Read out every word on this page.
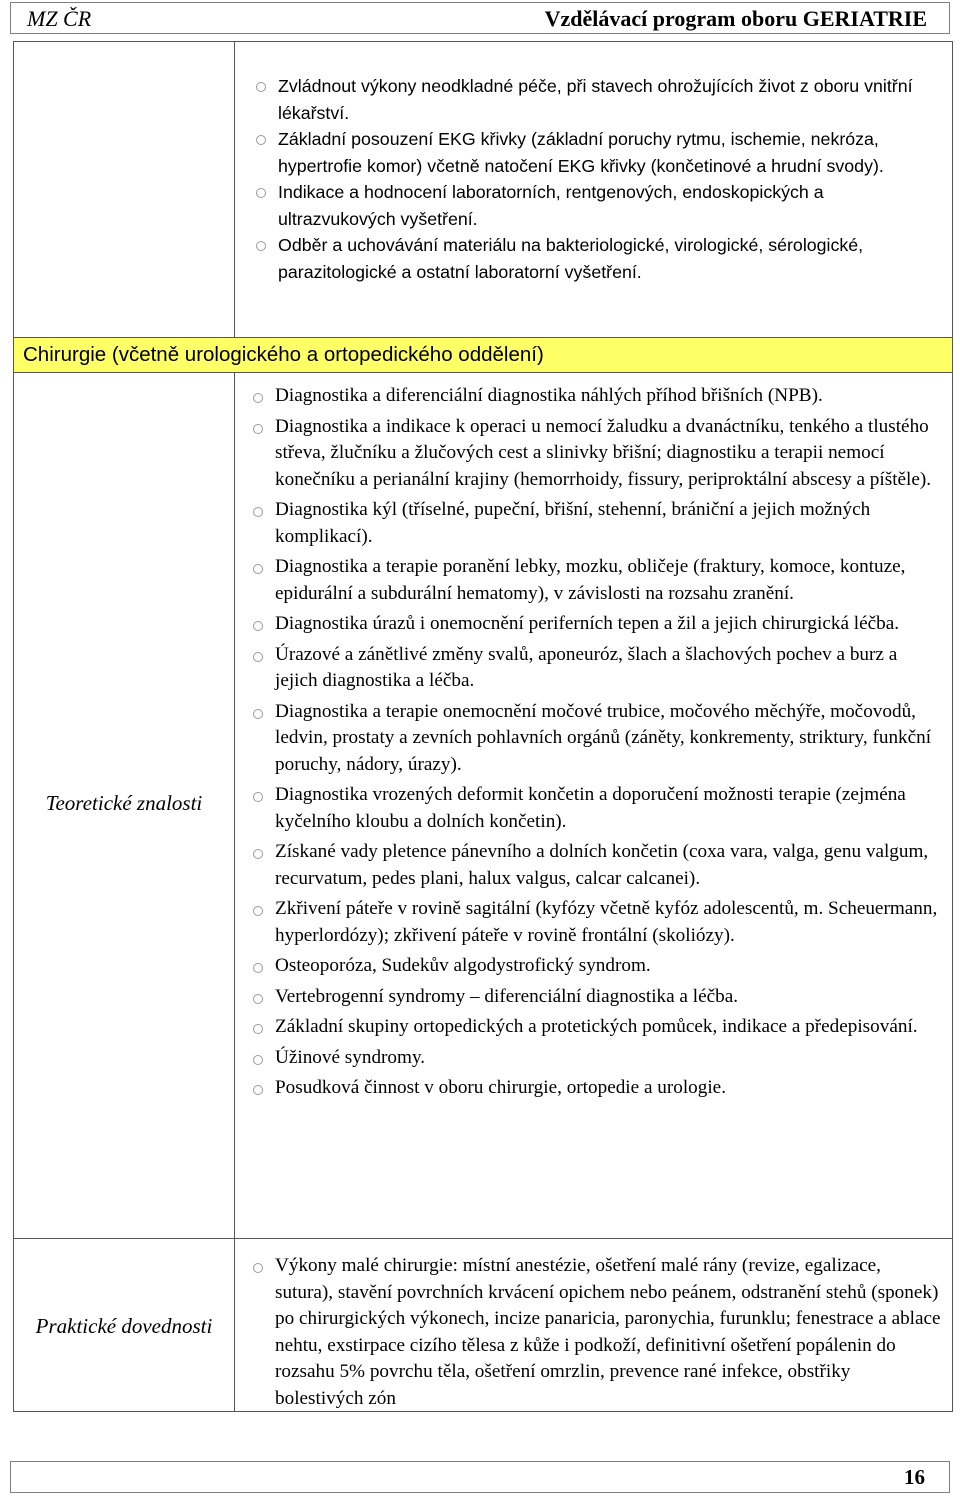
MZ ČR	Vzdělávací program oboru GERIATRIE
Zvládnout výkony neodkladné péče, při stavech ohrožujících život z oboru vnitřní lékařství.
Základní posouzení EKG křivky (základní poruchy rytmu, ischemie, nekróza, hypertrofie komor) včetně natočení EKG křivky (končetinové a hrudní svody).
Indikace a hodnocení laboratorních, rentgenových, endoskopických a ultrazvukových vyšetření.
Odběr a uchovávání materiálu na bakteriologické, virologické, sérologické, parazitologické a ostatní laboratorní vyšetření.
Chirurgie (včetně urologického a ortopedického oddělení)
Teoretické znalosti
Diagnostika a diferenciální diagnostika náhlých příhod břišních (NPB).
Diagnostika a indikace k operaci u nemocí žaludku a dvanáctníku, tenkého a tlustého střeva, žlučníku a žlučových cest a slinivky břišní; diagnostiku a terapii nemocí konečníku a perianální krajiny (hemorrhoidy, fissury, periproktální abscesy a píštěle).
Diagnostika kýl (tříselné, pupeční, břišní, stehenní, brániční a jejich možných komplikací).
Diagnostika a terapie poranění lebky, mozku, obličeje (fraktury, komoce, kontuze, epidurální a subdurální hematomy), v závislosti na rozsahu zranění.
Diagnostika úrazů i onemocnění periferních tepen a žil a jejich chirurgická léčba.
Úrazové a zánětlivé změny svalů, aponeuróz, šlach a šlachových pochev a burz a jejich diagnostika a léčba.
Diagnostika a terapie onemocnění močové trubice, močového měchýře, močovodů, ledvin, prostaty a zevních pohlavních orgánů (záněty, konkrementy, striktury, funkční poruchy, nádory, úrazy).
Diagnostika vrozených deformit končetin a doporučení možnosti terapie (zejména kyčelního kloubu a dolních končetin).
Získané vady pletence pánevního a dolních končetin (coxa vara, valga, genu valgum, recurvatum, pedes plani, halux valgus, calcar calcanei).
Zkřivení páteře v rovině sagitální (kyfózy včetně kyfóz adolescentů, m. Scheuermann, hyperlordózy); zkřivení páteře v rovině frontální (skoliózy).
Osteoporóza, Sudekův algodystrofický syndrom.
Vertebrogenní syndromy – diferenciální diagnostika a léčba.
Základní skupiny ortopedických a protetických pomůcek, indikace a předepisování.
Úžinové syndromy.
Posudková činnost v oboru chirurgie, ortopedie a urologie.
Praktické dovednosti
Výkony malé chirurgie: místní anestézie, ošetření malé rány (revize, egalizace, sutura), stavění povrchních krvácení opichem nebo peánem, odstranění stehů (sponek) po chirurgických výkonech, incize panaricia, paronychia, furunklu; fenestrace a ablace nehtu, exstirpace cizího tělesa z kůže i podkoží, definitivní ošetření popálenin do rozsahu 5% povrchu těla, ošetření omrzlin, prevence rané infekce, obstřiky bolestivých zón
16
